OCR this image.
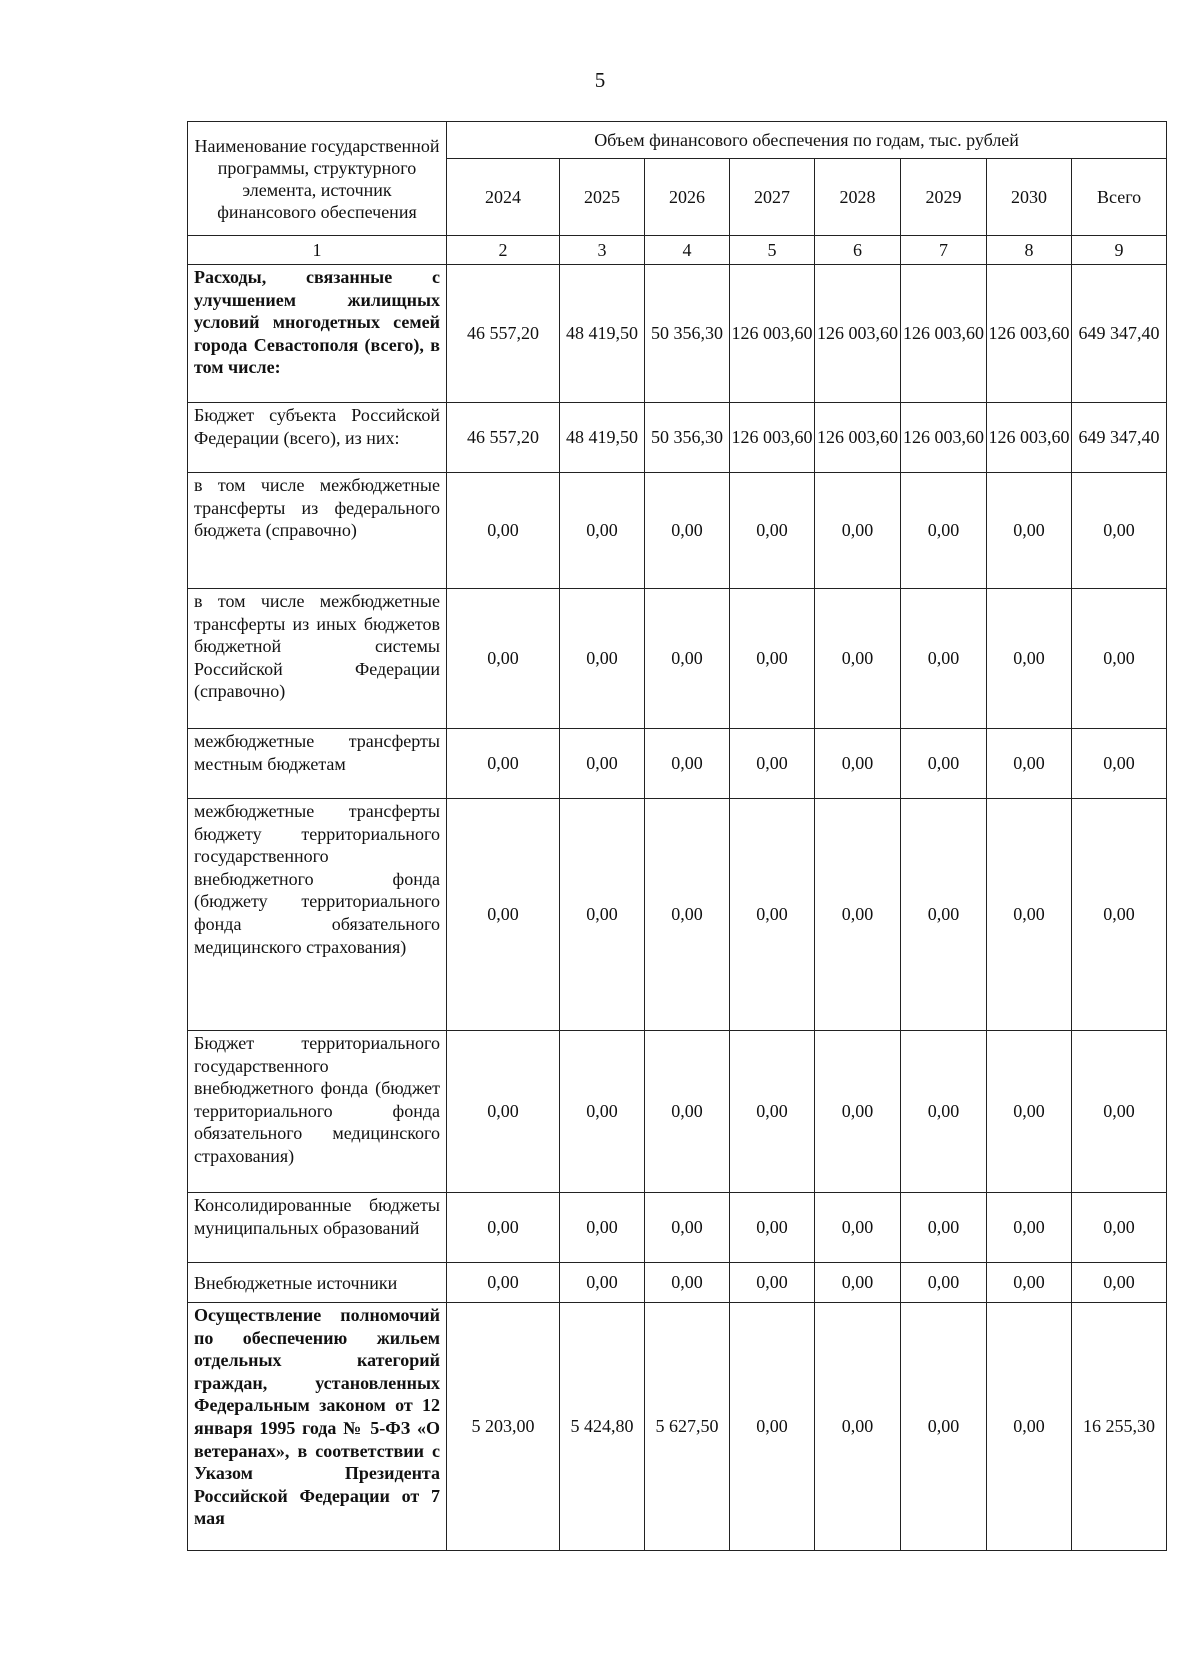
5
Наименование государственной программы, структурного элемента, источник финансового обеспечения	Объем финансового обеспечения по годам, тыс. рублей							
	2024	2025	2026	2027	2028	2029	2030	Всего
1	2	3	4	5	6	7	8	9
Расходы, связанные с улучшением жилищных условий многодетных семей города Севастополя (всего), в том числе:	46 557,20	48 419,50	50 356,30	126 003,60	126 003,60	126 003,60	126 003,60	649 347,40
Бюджет субъекта Российской Федерации (всего), из них:	46 557,20	48 419,50	50 356,30	126 003,60	126 003,60	126 003,60	126 003,60	649 347,40
в том числе межбюджетные трансферты из федерального бюджета (справочно)	0,00	0,00	0,00	0,00	0,00	0,00	0,00	0,00
в том числе межбюджетные трансферты из иных бюджетов бюджетной системы Российской Федерации (справочно)	0,00	0,00	0,00	0,00	0,00	0,00	0,00	0,00
межбюджетные трансферты местным бюджетам	0,00	0,00	0,00	0,00	0,00	0,00	0,00	0,00
межбюджетные трансферты бюджету территориального государственного внебюджетного фонда (бюджету территориального фонда обязательного медицинского страхования)	0,00	0,00	0,00	0,00	0,00	0,00	0,00	0,00
Бюджет территориального государственного внебюджетного фонда (бюджет территориального фонда обязательного медицинского страхования)	0,00	0,00	0,00	0,00	0,00	0,00	0,00	0,00
Консолидированные бюджеты муниципальных образований	0,00	0,00	0,00	0,00	0,00	0,00	0,00	0,00
Внебюджетные источники	0,00	0,00	0,00	0,00	0,00	0,00	0,00	0,00
Осуществление полномочий по обеспечению жильем отдельных категорий граждан, установленных Федеральным законом от 12 января 1995 года № 5-ФЗ «О ветеранах», в соответствии с Указом Президента Российской Федерации от 7 мая	5 203,00	5 424,80	5 627,50	0,00	0,00	0,00	0,00	16 255,30
